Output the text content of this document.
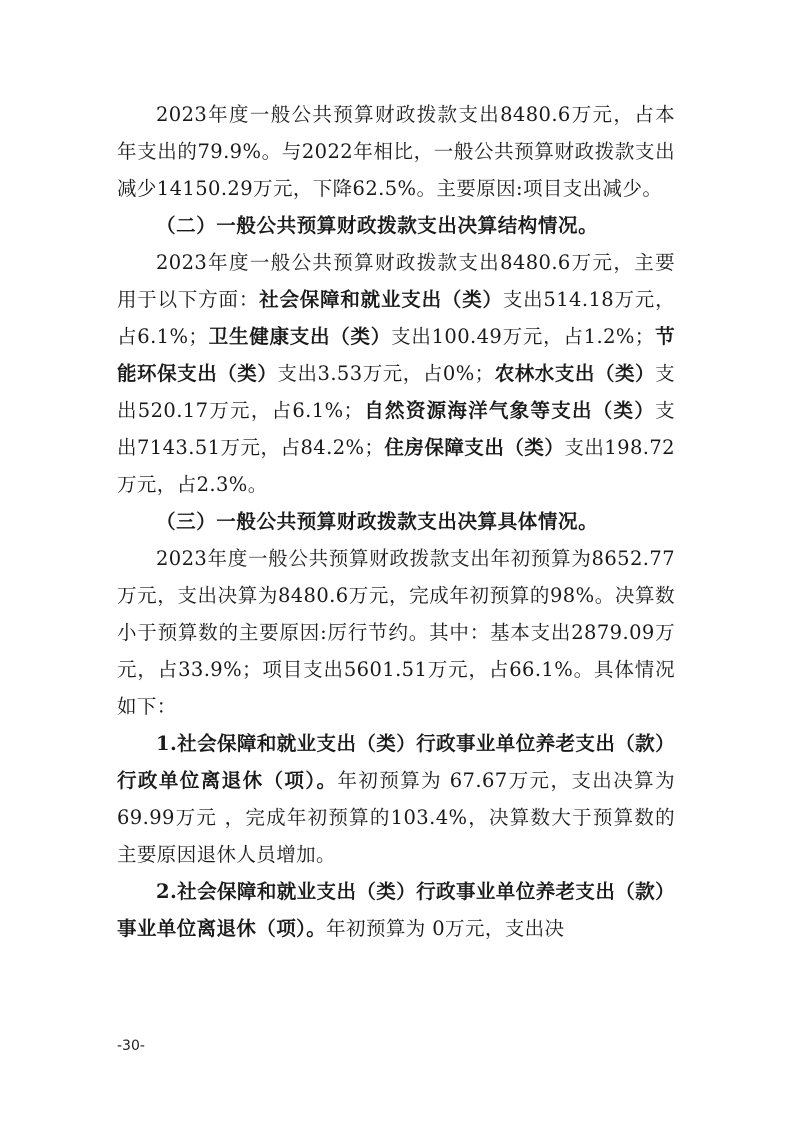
2023年度一般公共预算财政拨款支出8480.6万元，占本年支出的79.9%。与2022年相比，一般公共预算财政拨款支出减少14150.29万元，下降62.5%。主要原因:项目支出减少。

（二）一般公共预算财政拨款支出决算结构情况。

2023年度一般公共预算财政拨款支出8480.6万元，主要用于以下方面：社会保障和就业支出（类）支出514.18万元，占6.1%；卫生健康支出（类）支出100.49万元，占1.2%；节能环保支出（类）支出3.53万元，占0%；农林水支出（类）支出520.17万元，占6.1%；自然资源海洋气象等支出（类）支出7143.51万元，占84.2%；住房保障支出（类）支出198.72万元，占2.3%。

（三）一般公共预算财政拨款支出决算具体情况。

2023年度一般公共预算财政拨款支出年初预算为8652.77万元，支出决算为8480.6万元，完成年初预算的98%。决算数小于预算数的主要原因:厉行节约。其中：基本支出2879.09万元，占33.9%；项目支出5601.51万元，占66.1%。具体情况如下：

1.社会保障和就业支出（类）行政事业单位养老支出（款）行政单位离退休（项）。年初预算为 67.67万元，支出决算为69.99万元 ，完成年初预算的103.4%，决算数大于预算数的主要原因退休人员增加。

2.社会保障和就业支出（类）行政事业单位养老支出（款）事业单位离退休（项）。年初预算为 0万元，支出决

-30-
